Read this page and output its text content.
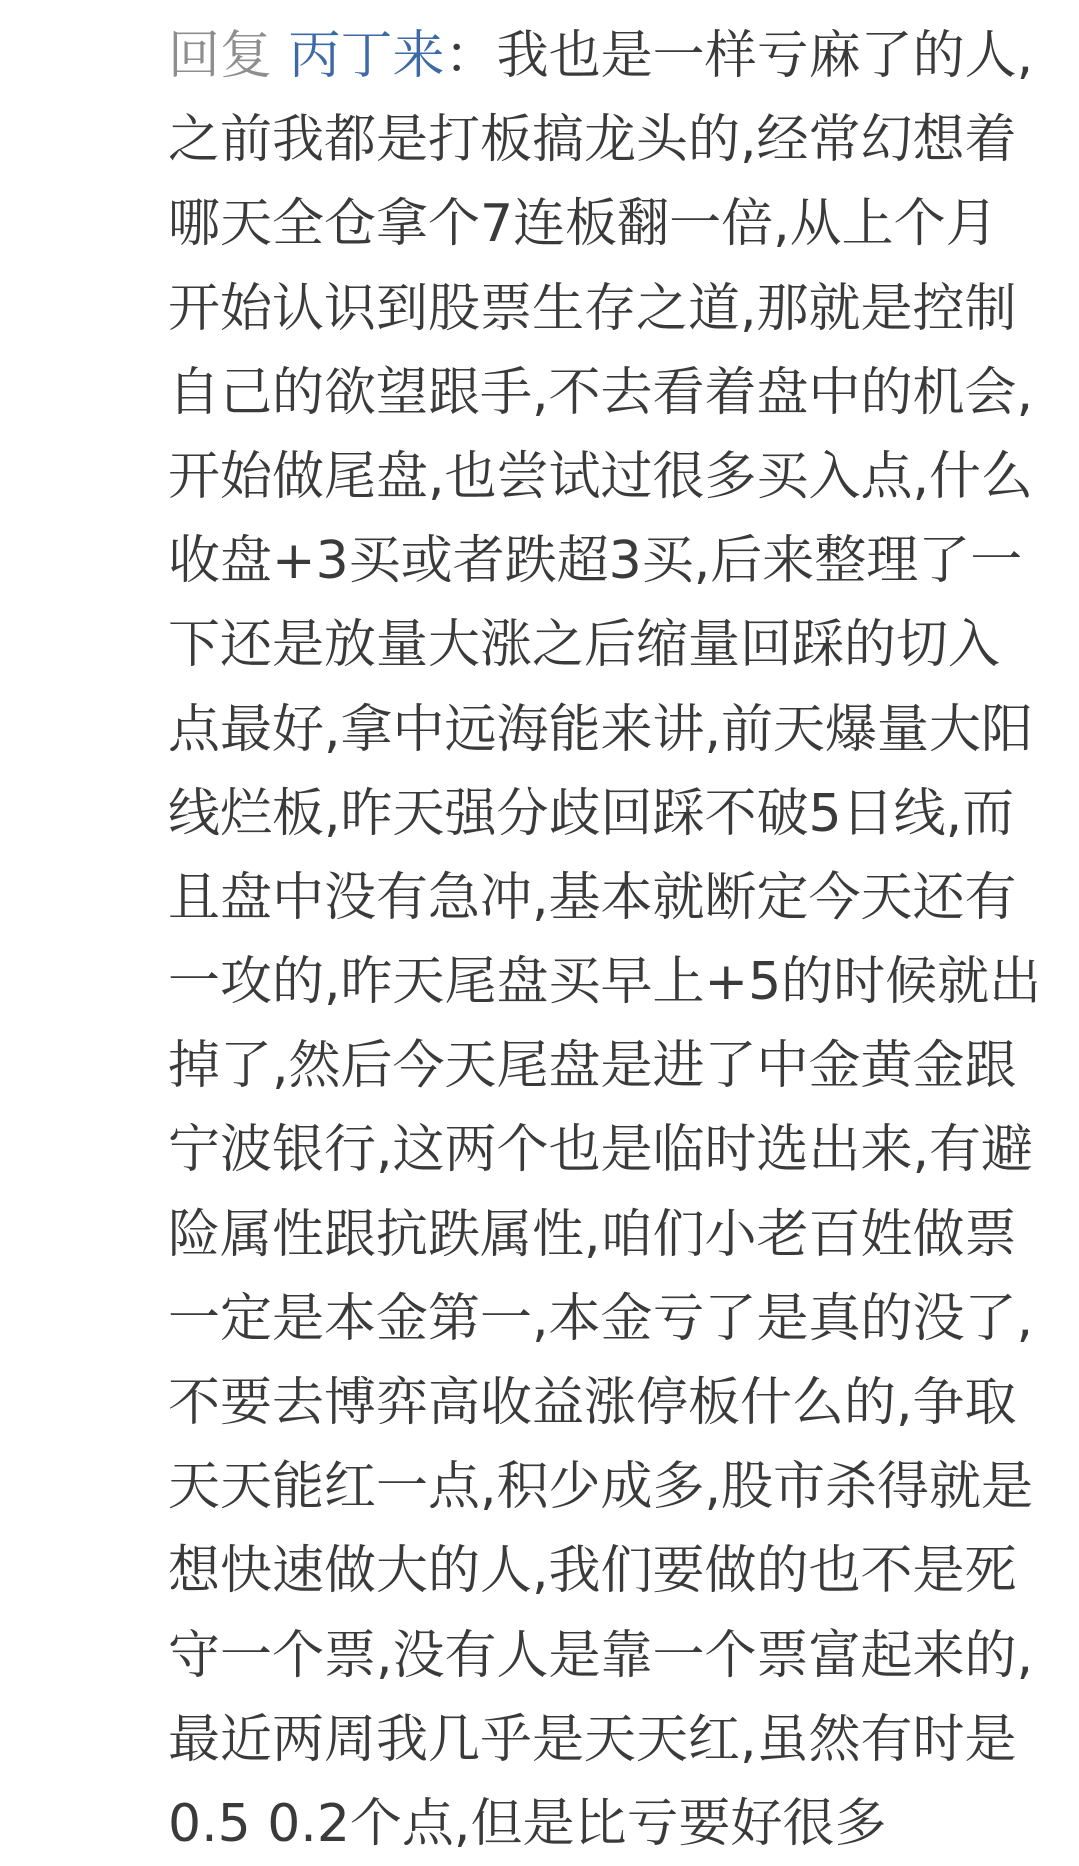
回复 丙丁来：我也是一样亏麻了的人,
之前我都是打板搞龙头的,经常幻想着
哪天全仓拿个7连板翻一倍,从上个月
开始认识到股票生存之道,那就是控制
自己的欲望跟手,不去看着盘中的机会,
开始做尾盘,也尝试过很多买入点,什么
收盘+3买或者跌超3买,后来整理了一
下还是放量大涨之后缩量回踩的切入
点最好,拿中远海能来讲,前天爆量大阳
线烂板,昨天强分歧回踩不破5日线,而
且盘中没有急冲,基本就断定今天还有
一攻的,昨天尾盘买早上+5的时候就出
掉了,然后今天尾盘是进了中金黄金跟
宁波银行,这两个也是临时选出来,有避
险属性跟抗跌属性,咱们小老百姓做票
一定是本金第一,本金亏了是真的没了,
不要去博弈高收益涨停板什么的,争取
天天能红一点,积少成多,股市杀得就是
想快速做大的人,我们要做的也不是死
守一个票,没有人是靠一个票富起来的,
最近两周我几乎是天天红,虽然有时是
0.5 0.2个点,但是比亏要好很多
